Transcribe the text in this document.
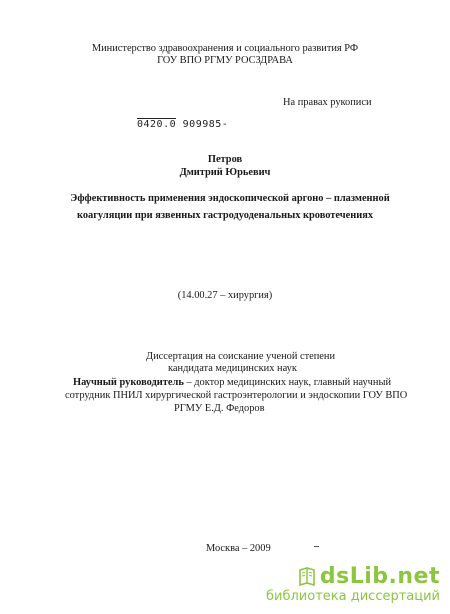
Министерство здравоохранения и социального развития РФ
ГОУ ВПО РГМУ РОСЗДРАВА
На правах рукописи
0420.0 909985-
Петров
Дмитрий Юрьевич
Эффективность применения эндоскопической аргоно – плазменной
коагуляции при язвенных гастродуоденальных кровотечениях
(14.00.27 – хирургия)
Диссертация на соискание ученой степени
кандидата медицинских наук
Научный руководитель – доктор медицинских наук, главный научный
сотрудник ПНИЛ хирургической гастроэнтерологии и эндоскопии ГОУ ВПО
РГМУ Е.Д. Федоров
Москва – 2009
dsLib.net
библиотека диссертаций
